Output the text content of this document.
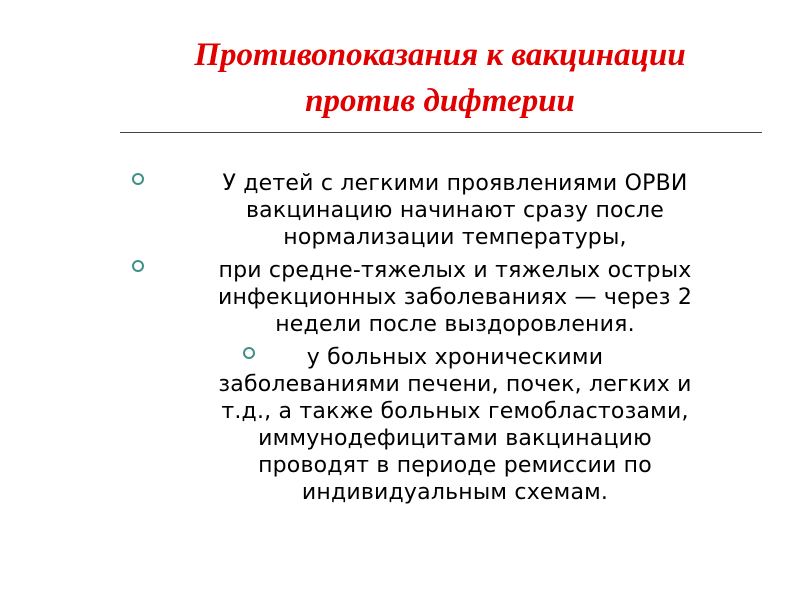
Противопоказания к вакцинации
против дифтерии
У детей с легкими проявлениями ОРВИ
вакцинацию начинают сразу после
нормализации температуры,
при средне-тяжелых и тяжелых острых
инфекционных заболеваниях — через 2
недели после выздоровления.
у больных хроническими
заболеваниями печени, почек, легких и
т.д., а также больных гемобластозами,
иммунодефицитами вакцинацию
проводят в периоде ремиссии по
индивидуальным схемам.
